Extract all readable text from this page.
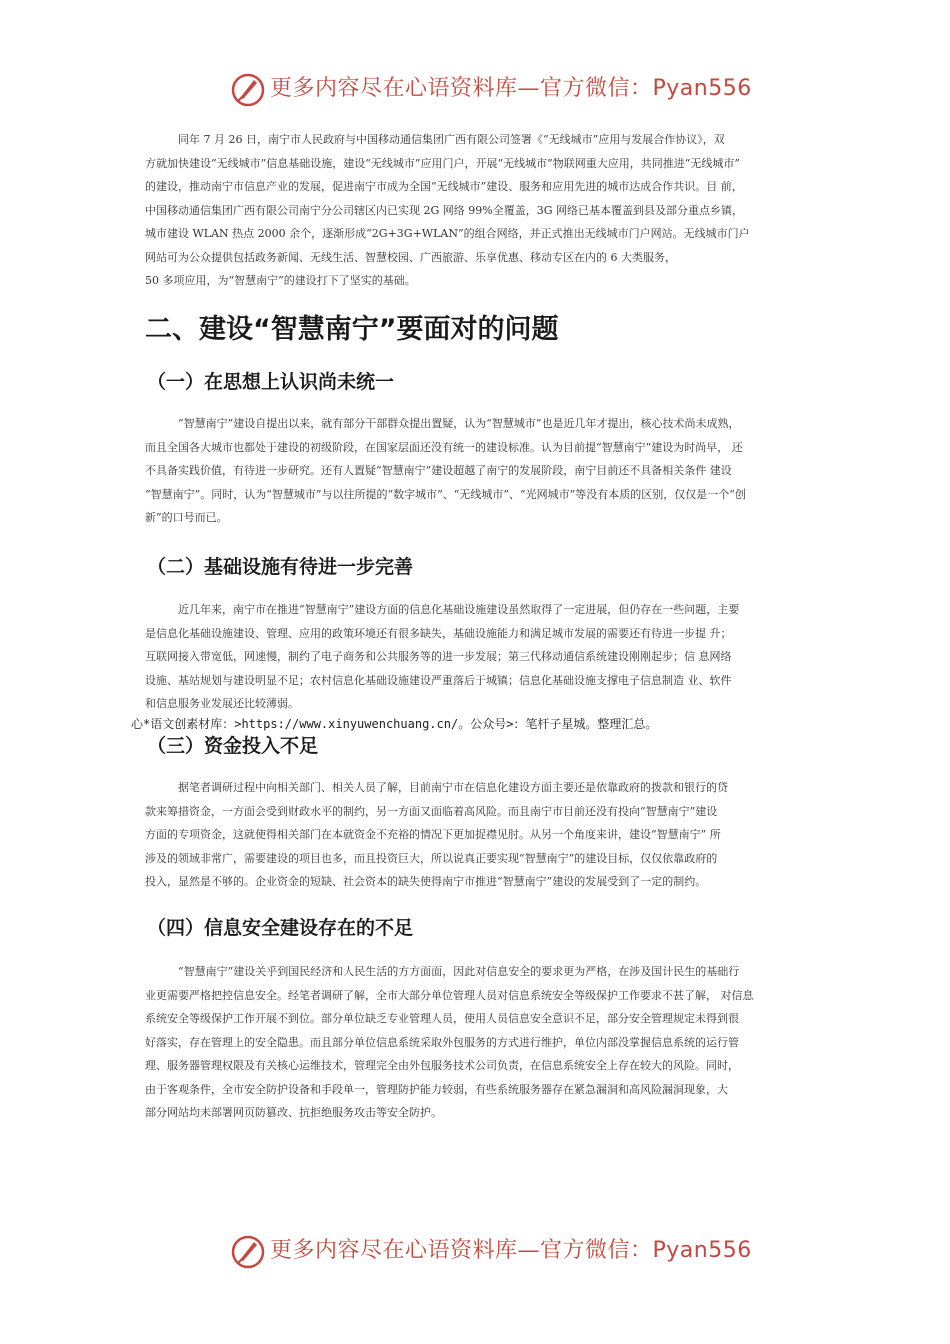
更多内容尽在心语资料库—官方微信：Pyan556
同年 7 月 26 日，南宁市人民政府与中国移动通信集团广西有限公司签署《“无线城市”应用与发展合作协议》，双
方就加快建设“无线城市”信息基础设施，建设“无线城市”应用门户，开展“无线城市”物联网重大应用，共同推进“无线城市”
的建设，推动南宁市信息产业的发展，促进南宁市成为全国“无线城市”建设、服务和应用先进的城市达成合作共识。目 前，
中国移动通信集团广西有限公司南宁分公司辖区内已实现 2G 网络 99%全覆盖，3G 网络已基本覆盖到县及部分重点乡镇，
城市建设 WLAN 热点 2000 余个，逐渐形成“2G+3G+WLAN”的组合网络，并正式推出无线城市门户网站。无线城市门户
网站可为公众提供包括政务新闻、无线生活、智慧校园、广西旅游、乐享优惠、移动专区在内的 6 大类服务，
50 多项应用，为“智慧南宁”的建设打下了坚实的基础。
二、建设“智慧南宁”要面对的问题
（一）在思想上认识尚未统一
“智慧南宁”建设自提出以来，就有部分干部群众提出置疑，认为“智慧城市”也是近几年才提出，核心技术尚未成熟，
而且全国各大城市也都处于建设的初级阶段，在国家层面还没有统一的建设标准。认为目前提“智慧南宁”建设为时尚早， 还
不具备实践价值，有待进一步研究。还有人置疑“智慧南宁”建设超越了南宁的发展阶段，南宁目前还不具备相关条件 建设
“智慧南宁”。同时，认为“智慧城市”与以往所提的“数字城市”、“无线城市”、“光网城市”等没有本质的区别，仅仅是一个“创
新”的口号而已。
（二）基础设施有待进一步完善
近几年来，南宁市在推进“智慧南宁”建设方面的信息化基础设施建设虽然取得了一定进展，但仍存在一些问题，主要
是信息化基础设施建设、管理、应用的政策环境还有很多缺失，基础设施能力和满足城市发展的需要还有待进一步提 升；
互联网接入带宽低，网速慢，制约了电子商务和公共服务等的进一步发展；第三代移动通信系统建设刚刚起步；信 息网络
设施、基站规划与建设明显不足；农村信息化基础设施建设严重落后于城镇；信息化基础设施支撑电子信息制造 业、软件
和信息服务业发展还比较薄弱。
心*语文创素材库：>https://www.xinyuwenchuang.cn/。公众号>：笔杆子星城。整理汇总。
（三）资金投入不足
据笔者调研过程中向相关部门、相关人员了解，目前南宁市在信息化建设方面主要还是依靠政府的拨款和银行的贷
款来筹措资金，一方面会受到财政水平的制约，另一方面又面临着高风险。而且南宁市目前还没有投向“智慧南宁”建设
方面的专项资金，这就使得相关部门在本就资金不充裕的情况下更加捉襟见肘。从另一个角度来讲，建设“智慧南宁” 所
涉及的领域非常广，需要建设的项目也多，而且投资巨大，所以说真正要实现“智慧南宁”的建设目标，仅仅依靠政府的
投入，显然是不够的。企业资金的短缺、社会资本的缺失使得南宁市推进“智慧南宁”建设的发展受到了一定的制约。
（四）信息安全建设存在的不足
“智慧南宁”建设关乎到国民经济和人民生活的方方面面，因此对信息安全的要求更为严格，在涉及国计民生的基础行
业更需要严格把控信息安全。经笔者调研了解，全市大部分单位管理人员对信息系统安全等级保护工作要求不甚了解， 对信息
系统安全等级保护工作开展不到位。部分单位缺乏专业管理人员，使用人员信息安全意识不足，部分安全管理规定未得到很
好落实，存在管理上的安全隐患。而且部分单位信息系统采取外包服务的方式进行维护，单位内部没掌握信息系统的运行管
理、服务器管理权限及有关核心运维技术，管理完全由外包服务技术公司负责，在信息系统安全上存在较大的风险。同时，
由于客观条件，全市安全防护设备和手段单一，管理防护能力较弱，有些系统服务器存在紧急漏洞和高风险漏洞现象，大
部分网站均未部署网页防篡改、抗拒绝服务攻击等安全防护。
更多内容尽在心语资料库—官方微信：Pyan556
